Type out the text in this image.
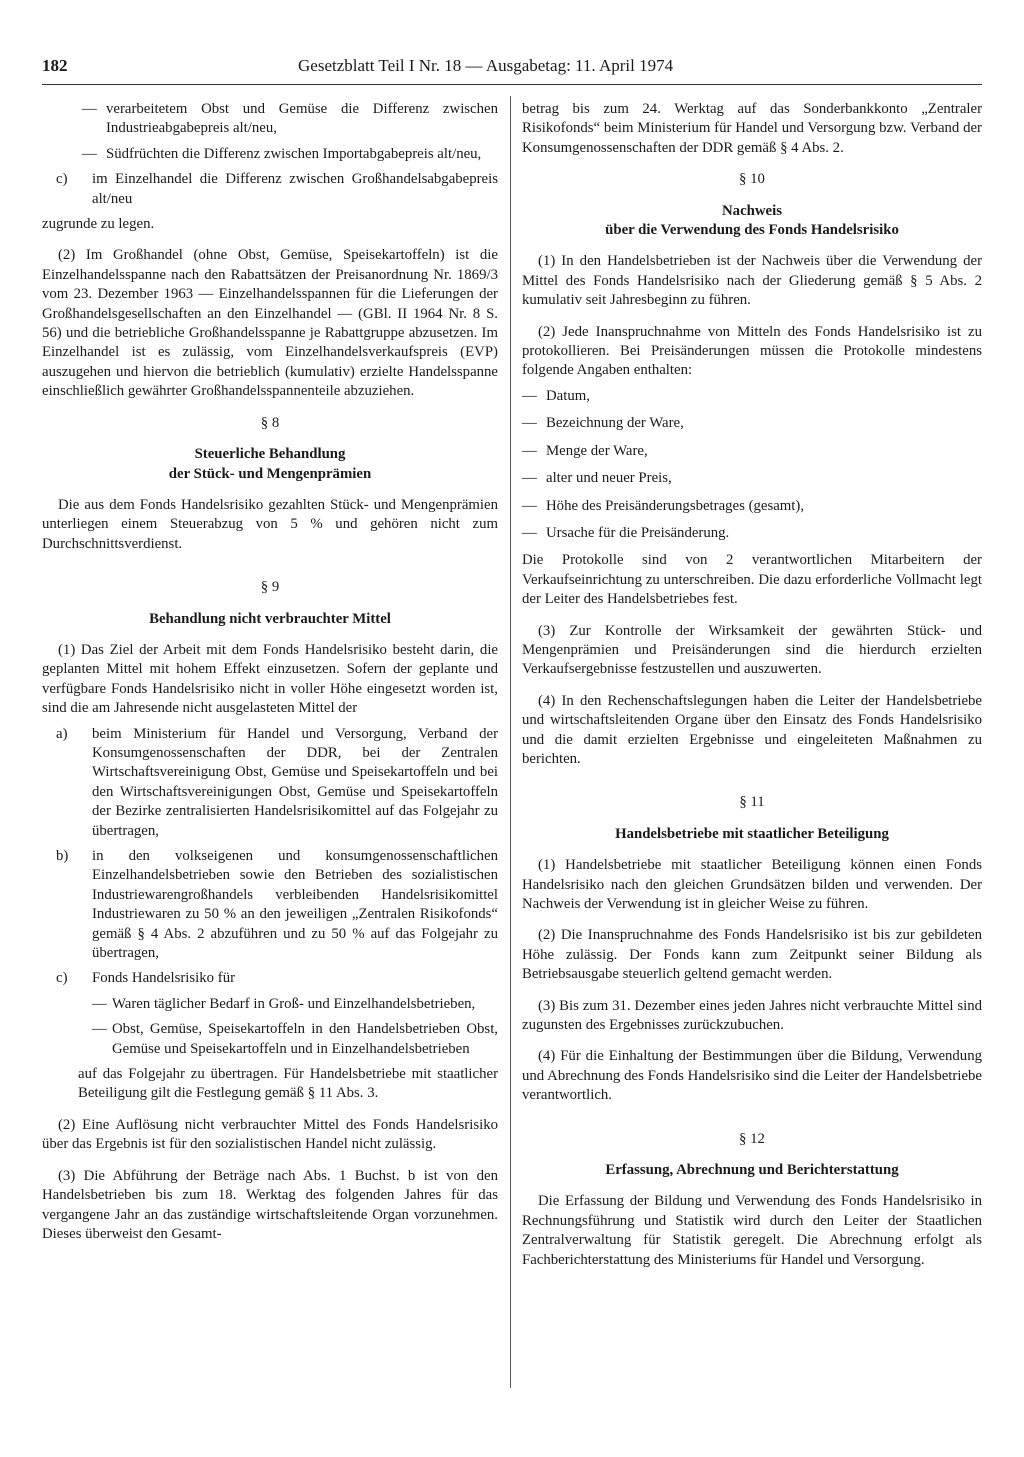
182	Gesetzblatt Teil I Nr. 18 — Ausgabetag: 11. April 1974
— verarbeitetem Obst und Gemüse die Differenz zwischen Industrieabgabepreis alt/neu,
— Südfrüchten die Differenz zwischen Importabgabepreis alt/neu,
c)	im Einzelhandel die Differenz zwischen Großhandelsabgabepreis alt/neu

zugrunde zu legen.

(2) Im Großhandel (ohne Obst, Gemüse, Speisekartoffeln) ist die Einzelhandelsspanne nach den Rabattsätzen der Preisanordnung Nr. 1869/3 vom 23. Dezember 1963 — Einzelhandelsspannen für die Lieferungen der Großhandelsgesellschaften an den Einzelhandel — (GBl. II 1964 Nr. 8 S. 56) und die betriebliche Großhandelsspanne je Rabattgruppe abzusetzen. Im Einzelhandel ist es zulässig, vom Einzelhandelsverkaufspreis (EVP) auszugehen und hiervon die betrieblich (kumulativ) erzielte Handelsspanne einschließlich gewährter Großhandelsspannenteile abzuziehen.

§ 8

Steuerliche Behandlung

der Stück- und Mengenprämien

Die aus dem Fonds Handelsrisiko gezahlten Stück- und Mengenprämien unterliegen einem Steuerabzug von 5 % und gehören nicht zum Durchschnittsverdienst.

§ 9

Behandlung nicht verbrauchter Mittel

(1) Das Ziel der Arbeit mit dem Fonds Handelsrisiko besteht darin, die geplanten Mittel mit hohem Effekt einzusetzen. Sofern der geplante und verfügbare Fonds Handelsrisiko nicht in voller Höhe eingesetzt worden ist, sind die am Jahresende nicht ausgelasteten Mittel der

a)	beim Ministerium für Handel und Versorgung, Verband der Konsumgenossenschaften der DDR, bei der Zentralen Wirtschaftsvereinigung Obst, Gemüse und Speisekartoffeln und bei den Wirtschaftsvereinigungen Obst, Gemüse und Speisekartoffeln der Bezirke zentralisierten Handelsrisikomittel auf das Folgejahr zu übertragen,
b)	in den volkseigenen und konsumgenossenschaftlichen Einzelhandelsbetrieben sowie den Betrieben des sozialistischen Industriewarengroßhandels verbleibenden Handelsrisikomittel Industriewaren zu 50 % an den jeweiligen „Zentralen Risikofonds“ gemäß § 4 Abs. 2 abzuführen und zu 50 % auf das Folgejahr zu übertragen,
c)	Fonds Handelsrisiko für
— Waren täglicher Bedarf in Groß- und Einzelhandelsbetrieben,
— Obst, Gemüse, Speisekartoffeln in den Handelsbetrieben Obst, Gemüse und Speisekartoffeln und in Einzelhandelsbetrieben

auf das Folgejahr zu übertragen. Für Handelsbetriebe mit staatlicher Beteiligung gilt die Festlegung gemäß § 11 Abs. 3.

(2) Eine Auflösung nicht verbrauchter Mittel des Fonds Handelsrisiko über das Ergebnis ist für den sozialistischen Handel nicht zulässig.

(3) Die Abführung der Beträge nach Abs. 1 Buchst. b ist von den Handelsbetrieben bis zum 18. Werktag des folgenden Jahres für das vergangene Jahr an das zuständige wirtschaftsleitende Organ vorzunehmen. Dieses überweist den Gesamt-

betrag bis zum 24. Werktag auf das Sonderbankkonto „Zentraler Risikofonds“ beim Ministerium für Handel und Versorgung bzw. Verband der Konsumgenossenschaften der DDR gemäß § 4 Abs. 2.

§ 10

Nachweis

über die Verwendung des Fonds Handelsrisiko

(1) In den Handelsbetrieben ist der Nachweis über die Verwendung der Mittel des Fonds Handelsrisiko nach der Gliederung gemäß § 5 Abs. 2 kumulativ seit Jahresbeginn zu führen.

(2) Jede Inanspruchnahme von Mitteln des Fonds Handelsrisiko ist zu protokollieren. Bei Preisänderungen müssen die Protokolle mindestens folgende Angaben enthalten:

— Datum,
— Bezeichnung der Ware,
— Menge der Ware,
— alter und neuer Preis,
— Höhe des Preisänderungsbetrages (gesamt),
— Ursache für die Preisänderung.

Die Protokolle sind von 2 verantwortlichen Mitarbeitern der Verkaufseinrichtung zu unterschreiben. Die dazu erforderliche Vollmacht legt der Leiter des Handelsbetriebes fest.

(3) Zur Kontrolle der Wirksamkeit der gewährten Stück- und Mengenprämien und Preisänderungen sind die hierdurch erzielten Verkaufsergebnisse festzustellen und auszuwerten.

(4) In den Rechenschaftslegungen haben die Leiter der Handelsbetriebe und wirtschaftsleitenden Organe über den Einsatz des Fonds Handelsrisiko und die damit erzielten Ergebnisse und eingeleiteten Maßnahmen zu berichten.

§ 11

Handelsbetriebe mit staatlicher Beteiligung

(1) Handelsbetriebe mit staatlicher Beteiligung können einen Fonds Handelsrisiko nach den gleichen Grundsätzen bilden und verwenden. Der Nachweis der Verwendung ist in gleicher Weise zu führen.

(2) Die Inanspruchnahme des Fonds Handelsrisiko ist bis zur gebildeten Höhe zulässig. Der Fonds kann zum Zeitpunkt seiner Bildung als Betriebsausgabe steuerlich geltend gemacht werden.

(3) Bis zum 31. Dezember eines jeden Jahres nicht verbrauchte Mittel sind zugunsten des Ergebnisses zurückzubuchen.

(4) Für die Einhaltung der Bestimmungen über die Bildung, Verwendung und Abrechnung des Fonds Handelsrisiko sind die Leiter der Handelsbetriebe verantwortlich.

§ 12

Erfassung, Abrechnung und Berichterstattung

Die Erfassung der Bildung und Verwendung des Fonds Handelsrisiko in Rechnungsführung und Statistik wird durch den Leiter der Staatlichen Zentralverwaltung für Statistik geregelt. Die Abrechnung erfolgt als Fachberichterstattung des Ministeriums für Handel und Versorgung.
